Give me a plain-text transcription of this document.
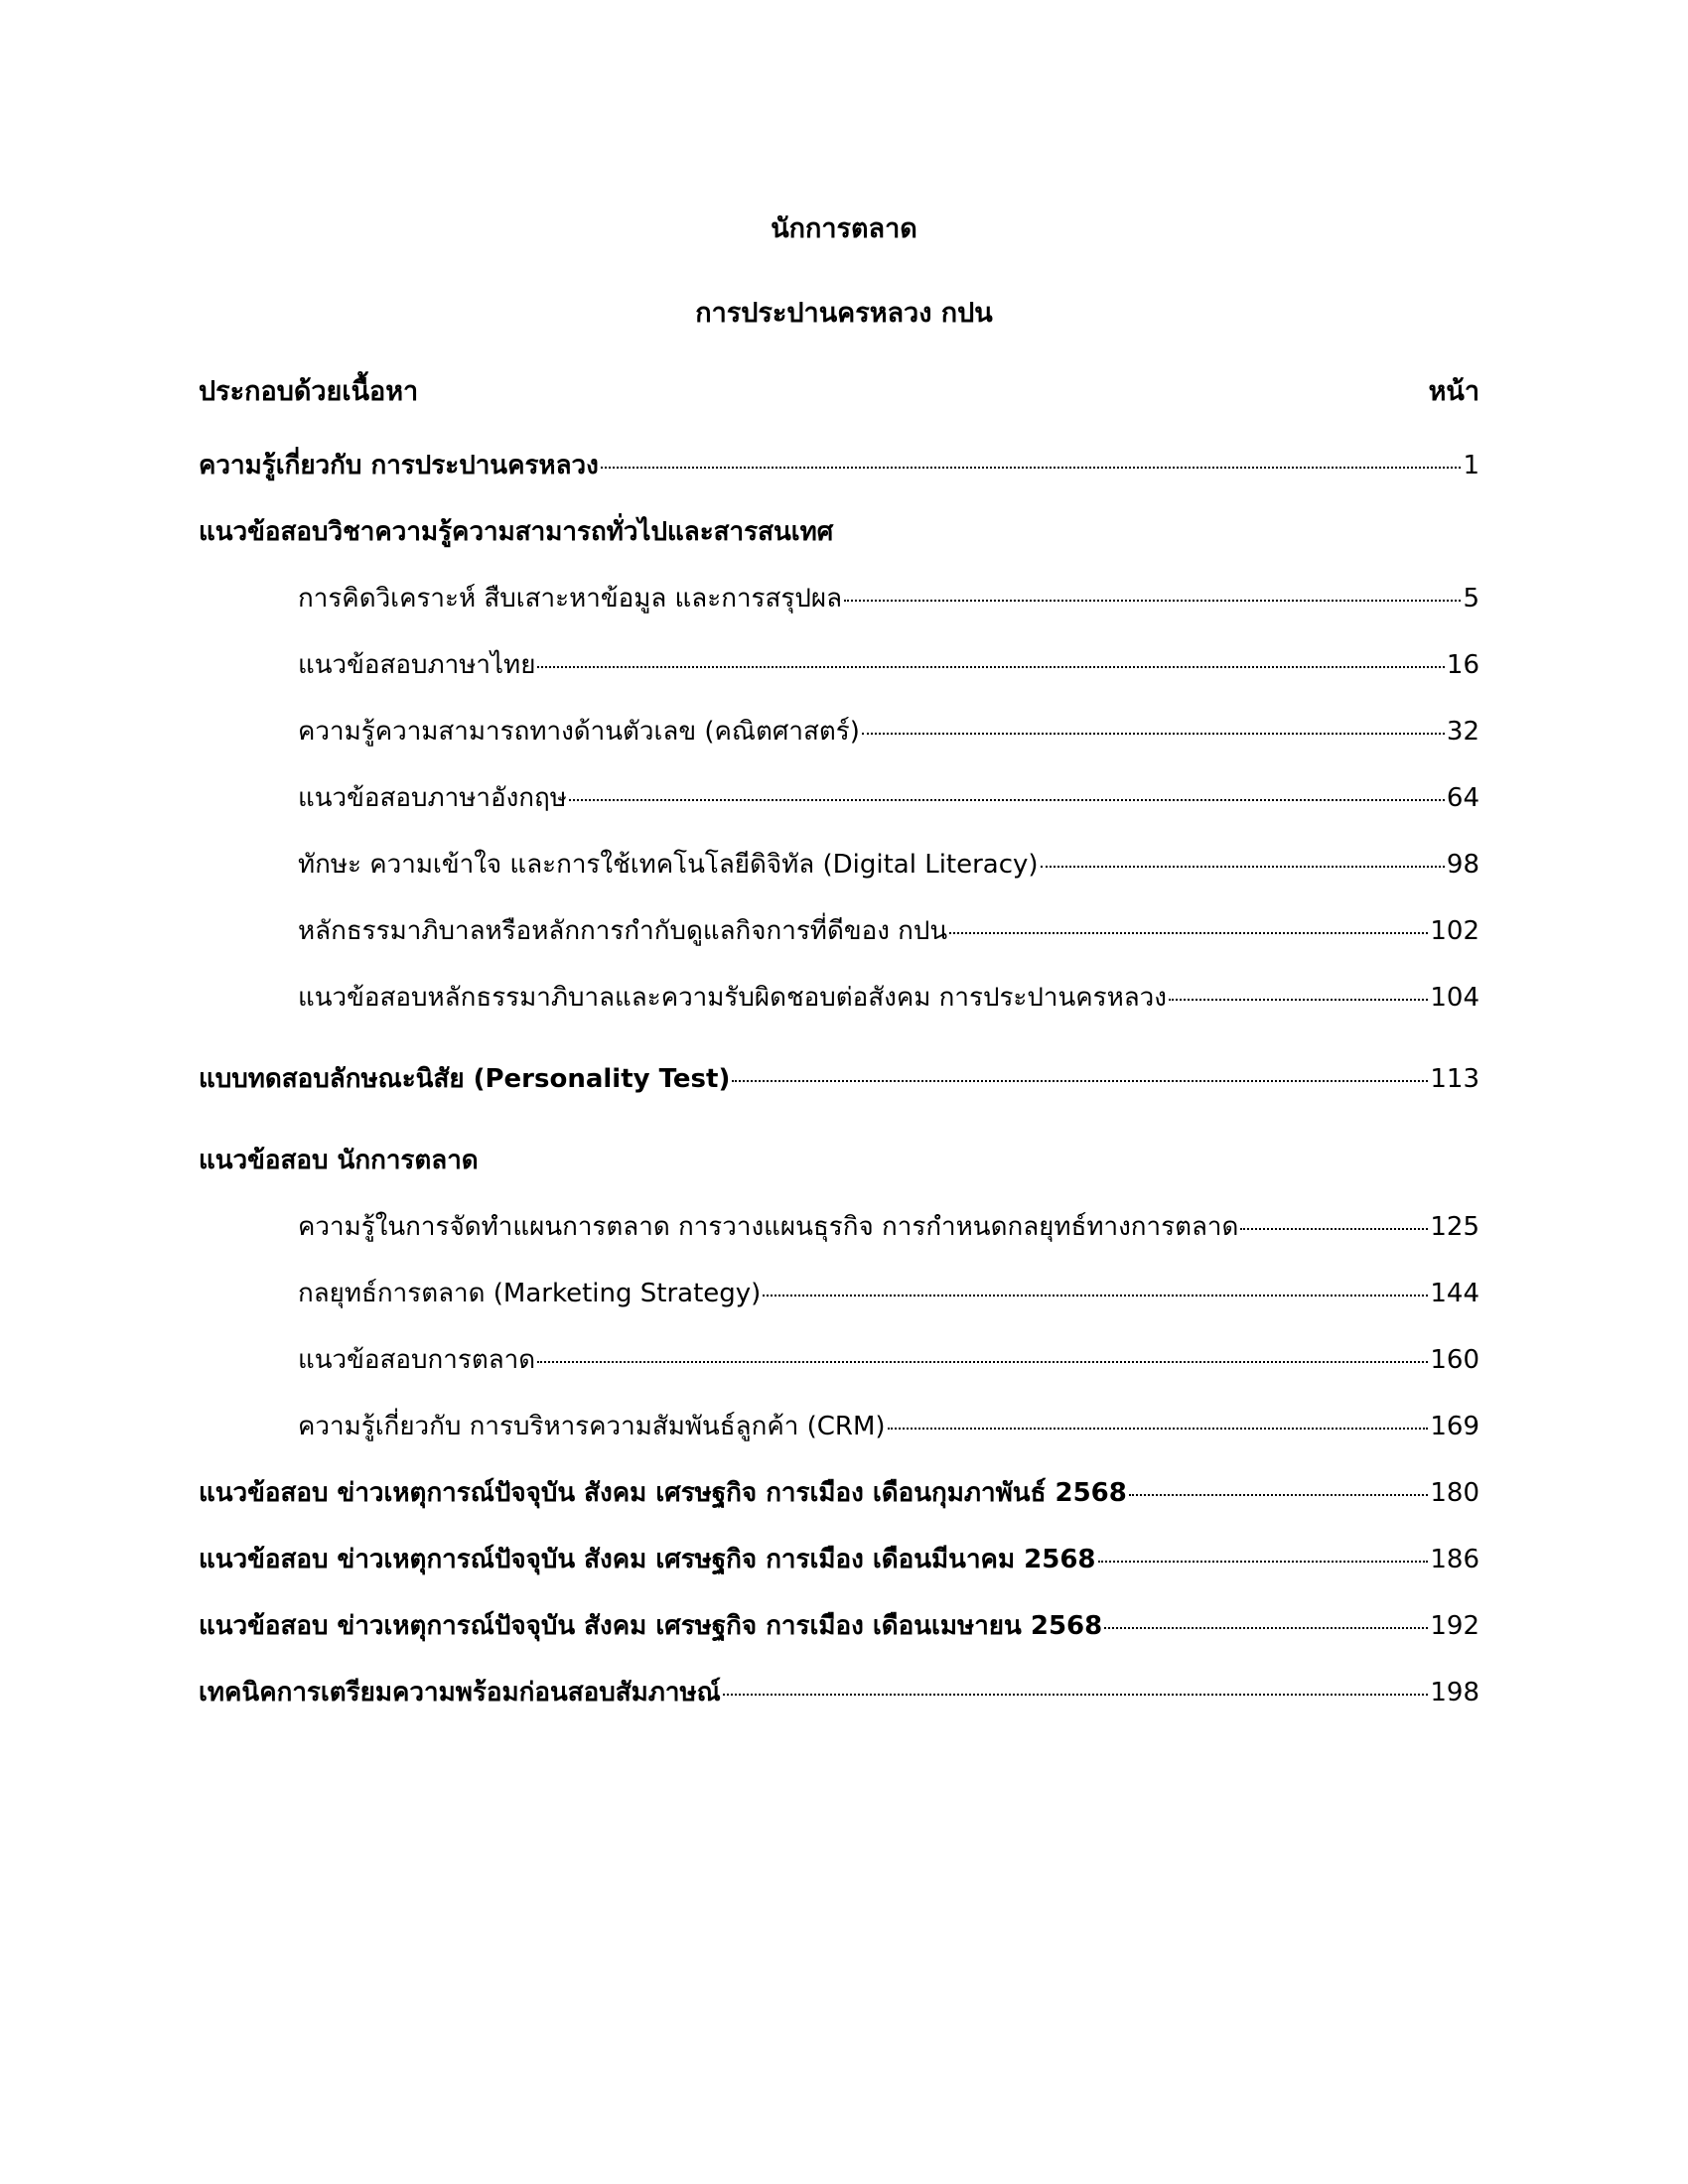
นักการตลาด
การประปานครหลวง กปน
ประกอบด้วยเนื้อหา	หน้า
ความรู้เกี่ยวกับ การประปานครหลวง	1
แนวข้อสอบวิชาความรู้ความสามารถทั่วไปและสารสนเทศ
การคิดวิเคราะห์ สืบเสาะหาข้อมูล และการสรุปผล	5
แนวข้อสอบภาษาไทย	16
ความรู้ความสามารถทางด้านตัวเลข (คณิตศาสตร์)	32
แนวข้อสอบภาษาอังกฤษ	64
ทักษะ ความเข้าใจ และการใช้เทคโนโลยีดิจิทัล (Digital Literacy)	98
หลักธรรมาภิบาลหรือหลักการกำกับดูแลกิจการที่ดีของ กปน	102
แนวข้อสอบหลักธรรมาภิบาลและความรับผิดชอบต่อสังคม การประปานครหลวง	104
แบบทดสอบลักษณะนิสัย (Personality Test)	113
แนวข้อสอบ นักการตลาด
ความรู้ในการจัดทำแผนการตลาด การวางแผนธุรกิจ การกำหนดกลยุทธ์ทางการตลาด	125
กลยุทธ์การตลาด (Marketing Strategy)	144
แนวข้อสอบการตลาด	160
ความรู้เกี่ยวกับ การบริหารความสัมพันธ์ลูกค้า (CRM)	169
แนวข้อสอบ ข่าวเหตุการณ์ปัจจุบัน สังคม เศรษฐกิจ การเมือง เดือนกุมภาพันธ์ 2568	180
แนวข้อสอบ ข่าวเหตุการณ์ปัจจุบัน สังคม เศรษฐกิจ การเมือง เดือนมีนาคม 2568	186
แนวข้อสอบ ข่าวเหตุการณ์ปัจจุบัน สังคม เศรษฐกิจ การเมือง เดือนเมษายน 2568	192
เทคนิคการเตรียมความพร้อมก่อนสอบสัมภาษณ์	198
